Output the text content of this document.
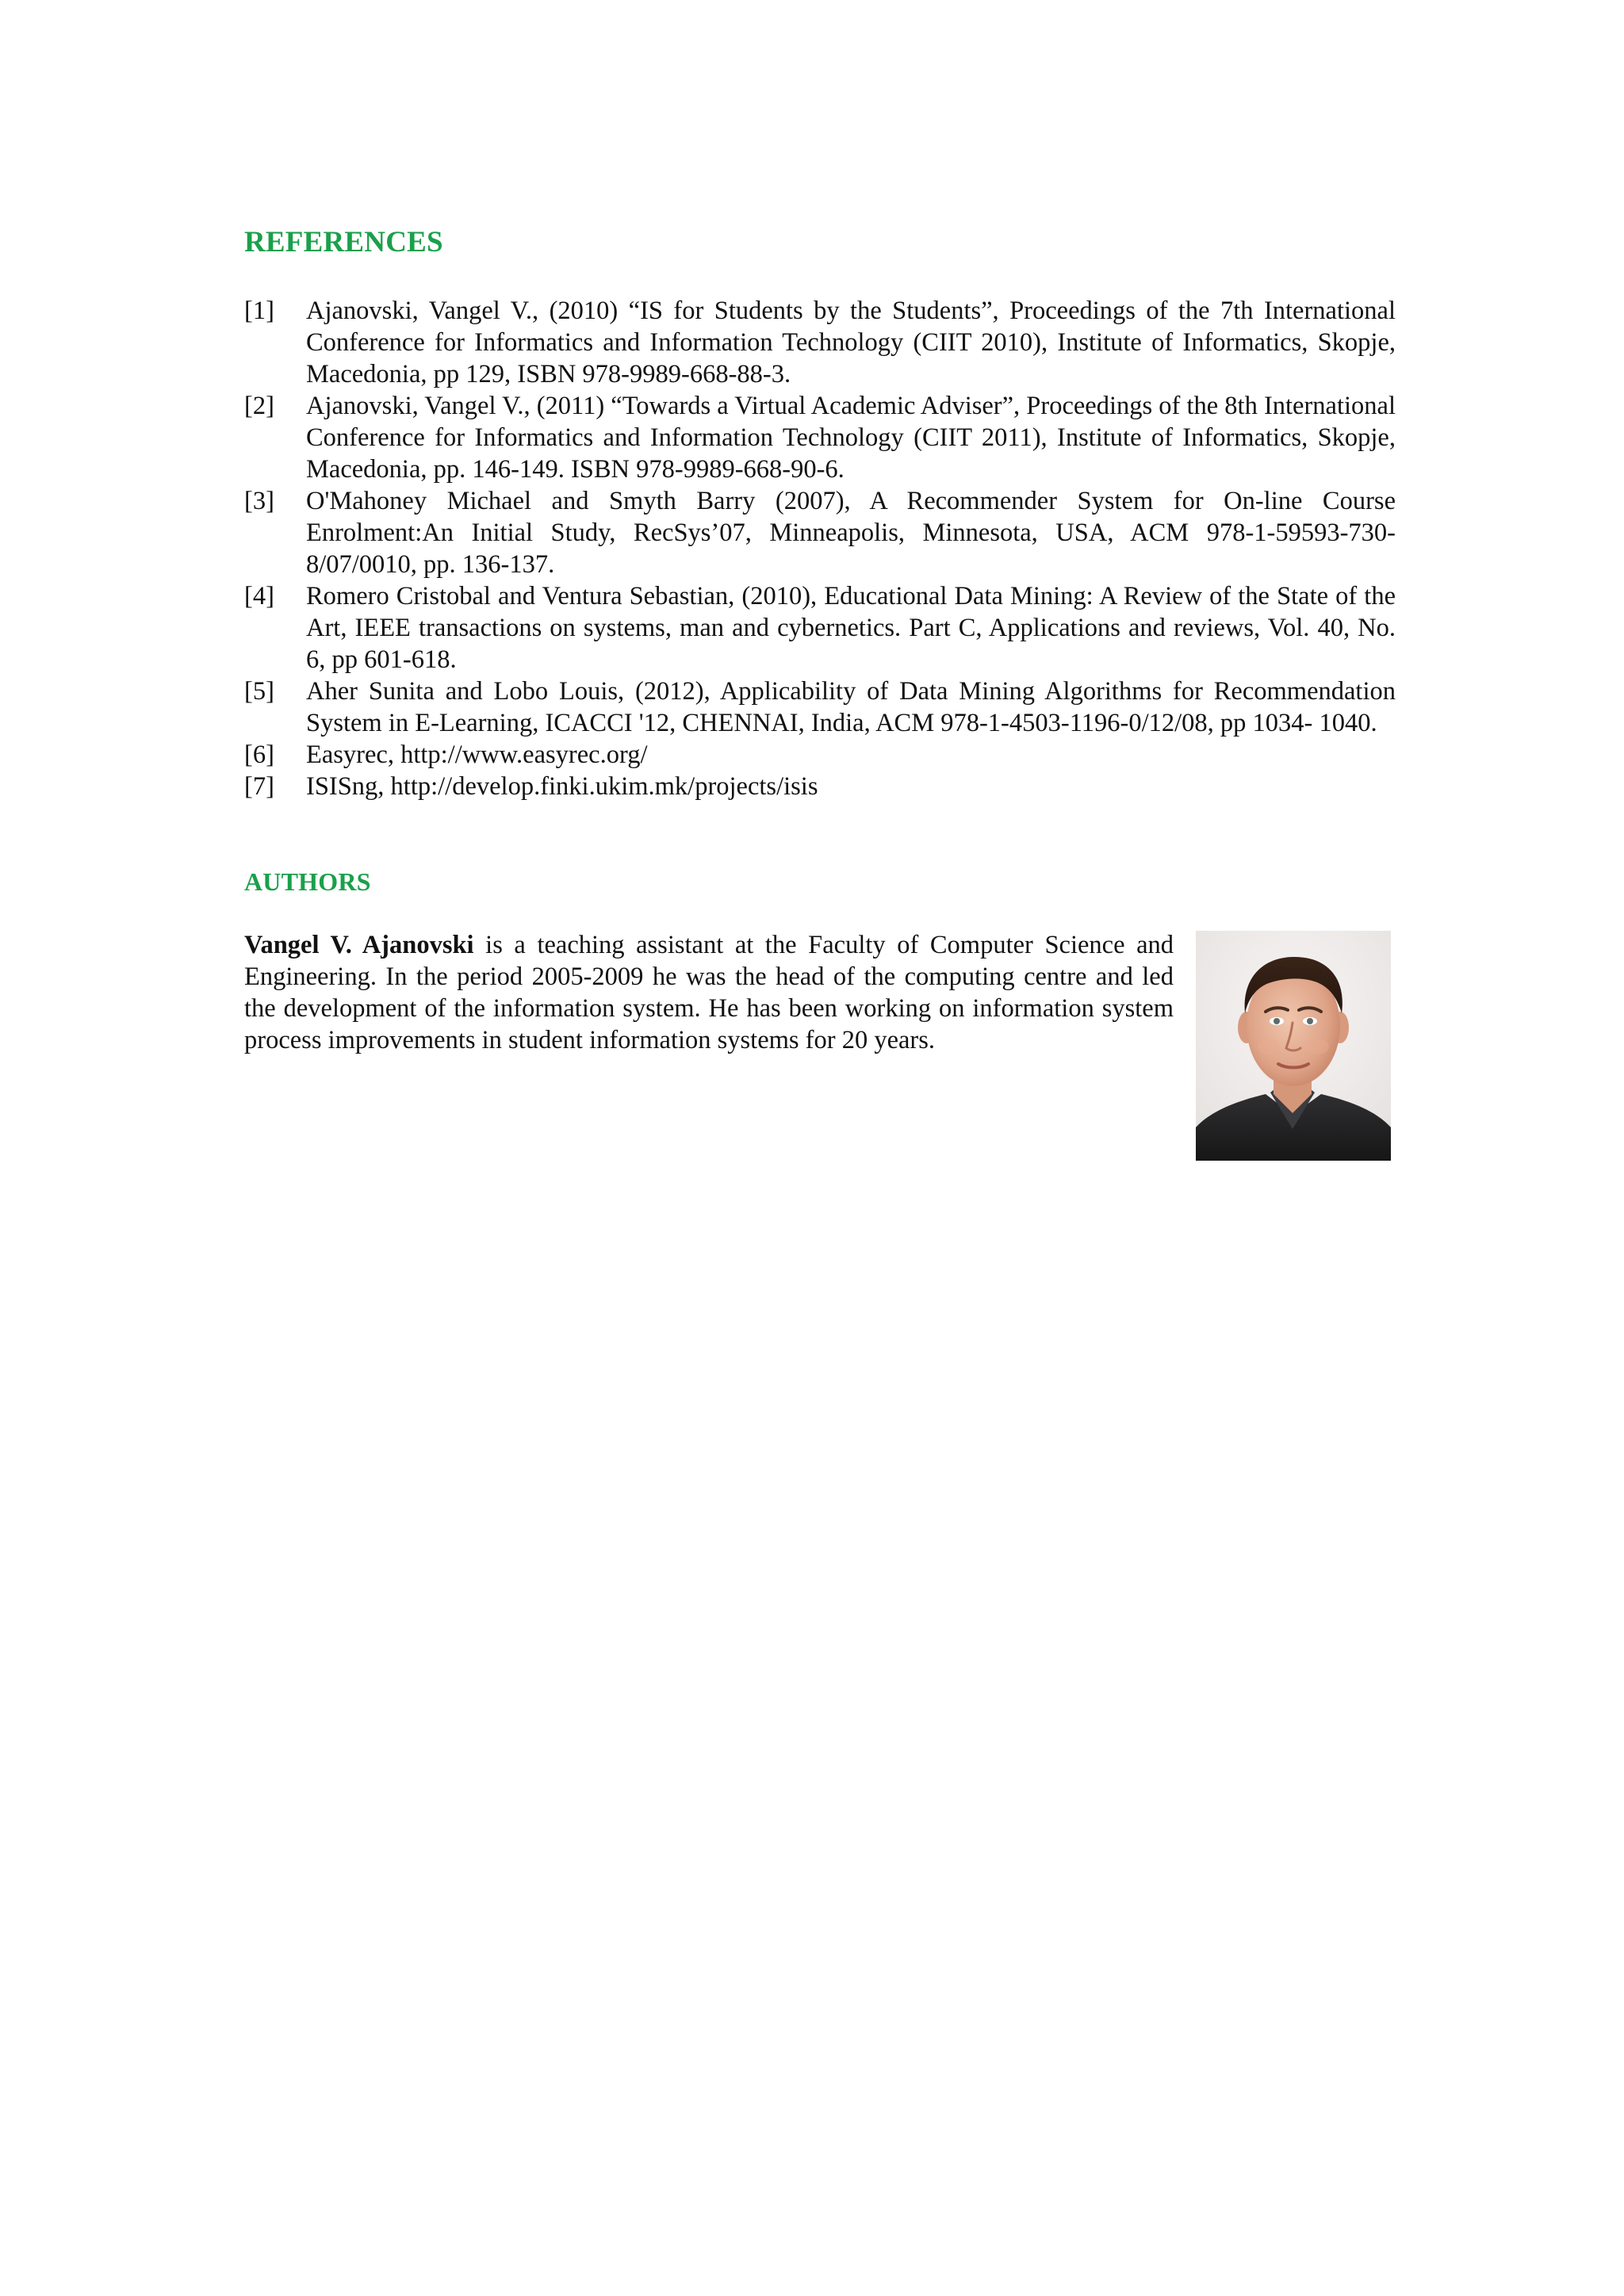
REFERENCES
[1]	Ajanovski, Vangel V., (2010) “IS for Students by the Students”, Proceedings of the 7th International Conference for Informatics and Information Technology (CIIT 2010), Institute of Informatics, Skopje, Macedonia, pp 129, ISBN 978-9989-668-88-3.
[2]	Ajanovski, Vangel V., (2011) “Towards a Virtual Academic Adviser”, Proceedings of the 8th International Conference for Informatics and Information Technology (CIIT 2011), Institute of Informatics, Skopje, Macedonia, pp. 146-149. ISBN 978-9989-668-90-6.
[3]	O'Mahoney Michael and Smyth Barry (2007), A Recommender System for On-line Course Enrolment:An Initial Study, RecSys’07, Minneapolis, Minnesota, USA, ACM 978-1-59593-730-8/07/0010, pp. 136-137.
[4]	Romero Cristobal and Ventura Sebastian, (2010), Educational Data Mining: A Review of the State of the Art, IEEE transactions on systems, man and cybernetics. Part C, Applications and reviews, Vol. 40, No. 6, pp 601-618.
[5]	Aher Sunita and Lobo Louis, (2012), Applicability of Data Mining Algorithms for Recommendation System in E-Learning, ICACCI '12, CHENNAI, India, ACM 978-1-4503-1196-0/12/08, pp 1034- 1040.
[6]	Easyrec, http://www.easyrec.org/
[7]	ISISng, http://develop.finki.ukim.mk/projects/isis
AUTHORS

Vangel V. Ajanovski is a teaching assistant at the Faculty of Computer Science and Engineering. In the period 2005-2009 he was the head of the computing centre and led the development of the information system. He has been working on information system process improvements in student information systems for 20 years.
